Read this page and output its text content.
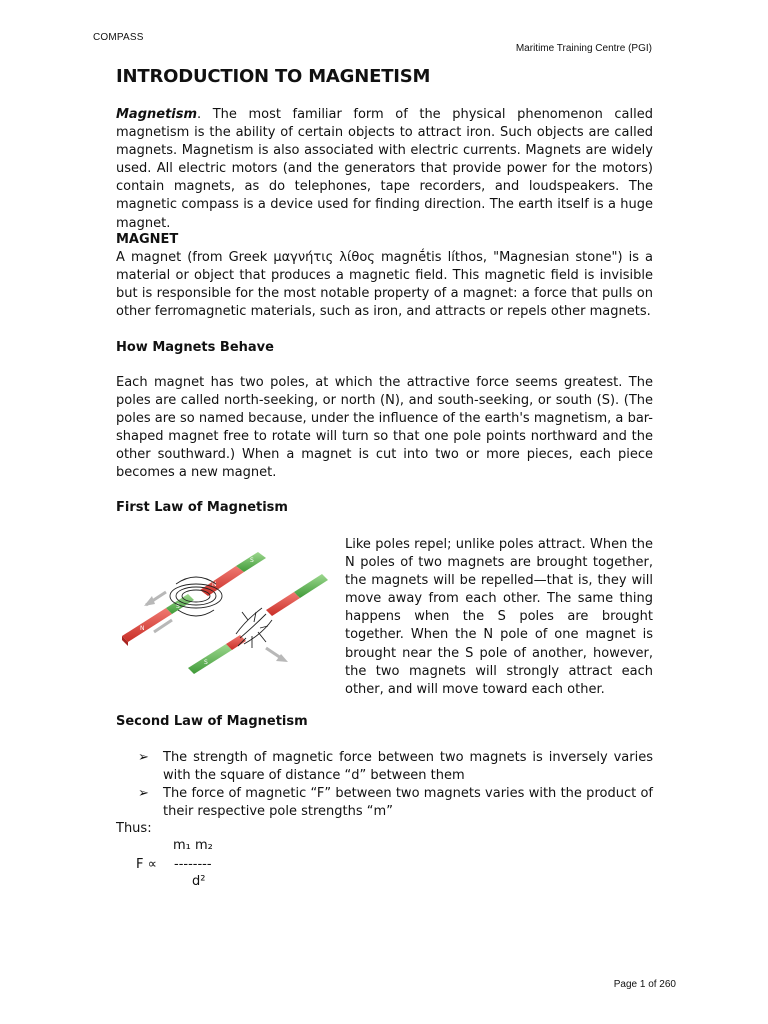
COMPASS
Maritime Training Centre (PGI)
INTRODUCTION TO MAGNETISM

Magnetism. The most familiar form of the physical phenomenon called magnetism is the ability of certain objects to attract iron. Such objects are called magnets. Magnetism is also associated with electric currents. Magnets are widely used. All electric motors (and the generators that provide power for the motors) contain magnets, as do telephones, tape recorders, and loudspeakers. The magnetic compass is a device used for finding direction. The earth itself is a huge magnet.

MAGNET

A magnet (from Greek μαγνήτις λίθος magnḗtis líthos, "Magnesian stone") is a material or object that produces a magnetic field. This magnetic field is invisible but is responsible for the most notable property of a magnet: a force that pulls on other ferromagnetic materials, such as iron, and attracts or repels other magnets.

How Magnets Behave

Each magnet has two poles, at which the attractive force seems greatest. The poles are called north-seeking, or north (N), and south-seeking, or south (S). (The poles are so named because, under the influence of the earth's magnetism, a bar-shaped magnet free to rotate will turn so that one pole points northward and the other southward.) When a magnet is cut into two or more pieces, each piece becomes a new magnet.

First Law of Magnetism
N
S
N
S
S

Like poles repel; unlike poles attract. When the N poles of two magnets are brought together, the magnets will be repelled—that is, they will move away from each other. The same thing happens when the S poles are brought together. When the N pole of one magnet is brought near the S pole of another, however, the two magnets will strongly attract each other, and will move toward each other.

Second Law of Magnetism
➢ The strength of magnetic force between two magnets is inversely varies with the square of distance “d” between them
➢ The force of magnetic “F” between two magnets varies with the product of their respective pole strengths “m”
Thus:
m₁ m₂
F ∝ --------
d²
Page 1 of 260
